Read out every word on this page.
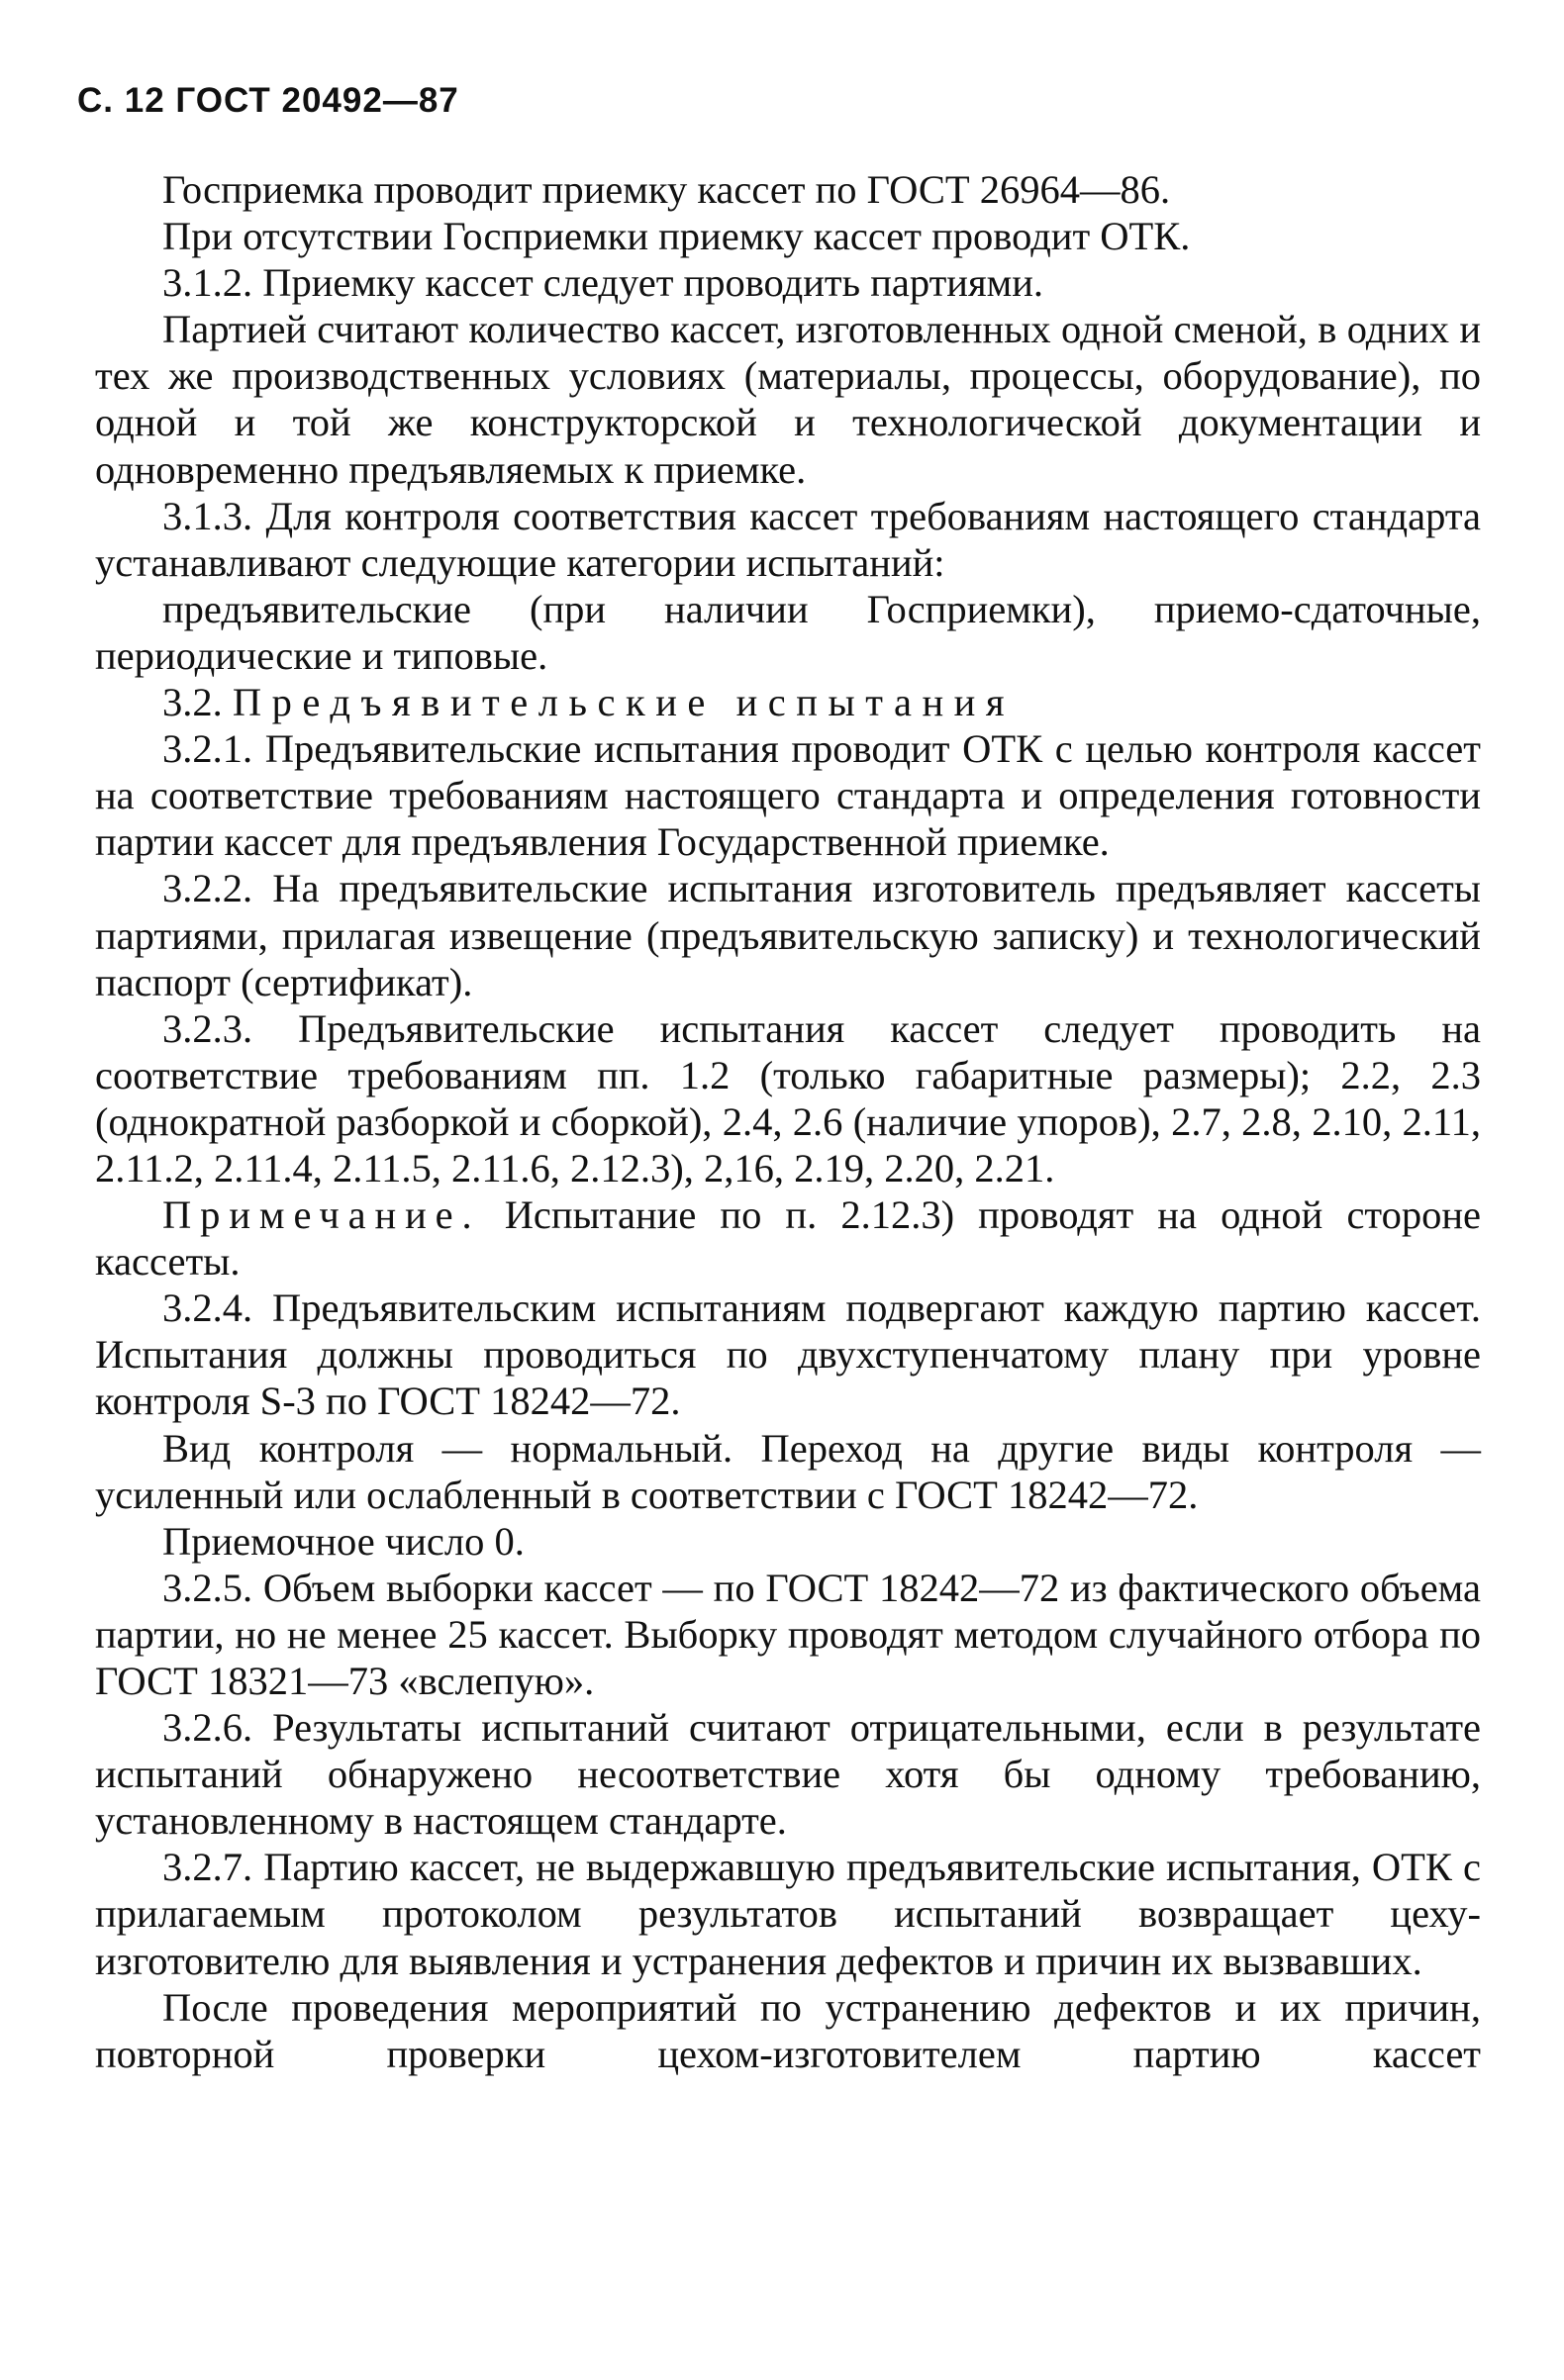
С. 12 ГОСТ 20492—87

Госприемка проводит приемку кассет по ГОСТ 26964—86.

При отсутствии Госприемки приемку кассет проводит ОТК.

3.1.2. Приемку кассет следует проводить партиями.

Партией считают количество кассет, изготовленных одной сменой, в одних и тех же производственных условиях (материалы, процессы, оборудование), по одной и той же конструкторской и технологической документации и одновременно предъявляемых к приемке.

3.1.3. Для контроля соответствия кассет требованиям настоящего стандарта устанавливают следующие категории испытаний:

предъявительские (при наличии Госприемки), приемо-сдаточные, периодические и типовые.

3.2. Предъявительские испытания

3.2.1. Предъявительские испытания проводит ОТК с целью контроля кассет на соответствие требованиям настоящего стандарта и определения готовности партии кассет для предъявления Государственной приемке.

3.2.2. На предъявительские испытания изготовитель предъявляет кассеты партиями, прилагая извещение (предъявительскую записку) и технологический паспорт (сертификат).

3.2.3. Предъявительские испытания кассет следует проводить на соответствие требованиям пп. 1.2 (только габаритные размеры); 2.2, 2.3 (однократной разборкой и сборкой), 2.4, 2.6 (наличие упоров), 2.7, 2.8, 2.10, 2.11, 2.11.2, 2.11.4, 2.11.5, 2.11.6, 2.12.3), 2,16, 2.19, 2.20, 2.21.

Примечание. Испытание по п. 2.12.3) проводят на одной стороне кассеты.

3.2.4. Предъявительским испытаниям подвергают каждую партию кассет. Испытания должны проводиться по двухступенчатому плану при уровне контроля S-3 по ГОСТ 18242—72.

Вид контроля — нормальный. Переход на другие виды контроля — усиленный или ослабленный в соответствии с ГОСТ 18242—72.

Приемочное число 0.

3.2.5. Объем выборки кассет — по ГОСТ 18242—72 из фактического объема партии, но не менее 25 кассет. Выборку проводят методом случайного отбора по ГОСТ 18321—73 «вслепую».

3.2.6. Результаты испытаний считают отрицательными, если в результате испытаний обнаружено несоответствие хотя бы одному требованию, установленному в настоящем стандарте.

3.2.7. Партию кассет, не выдержавшую предъявительские испытания, ОТК с прилагаемым протоколом результатов испытаний возвращает цеху-изготовителю для выявления и устранения дефектов и причин их вызвавших.

После проведения мероприятий по устранению дефектов и их причин, повторной проверки цехом-изготовителем партию кассет
